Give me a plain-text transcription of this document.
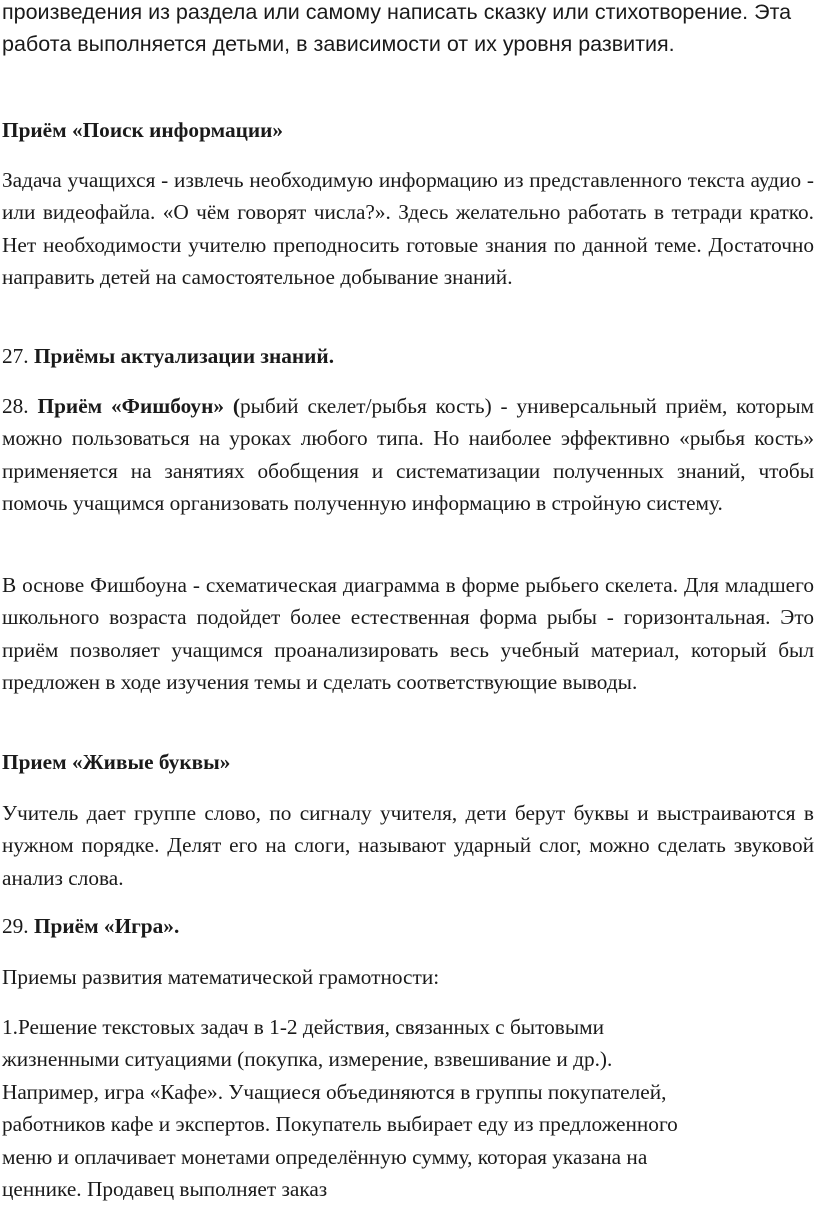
произведения из раздела или самому написать сказку или стихотворение. Эта работа выполняется детьми, в зависимости от их уровня развития.

Приём «Поиск информации»

Задача учащихся - извлечь необходимую информацию из представленного текста аудио - или видеофайла. «О чём говорят числа?». Здесь желательно работать в тетради кратко. Нет необходимости учителю преподносить готовые знания по данной теме. Достаточно направить детей на самостоятельное добывание знаний.

27. Приёмы актуализации знаний.

28. Приём «Фишбоун» (рыбий скелет/рыбья кость) - универсальный приём, которым можно пользоваться на уроках любого типа. Но наиболее эффективно «рыбья кость» применяется на занятиях обобщения и систематизации полученных знаний, чтобы помочь учащимся организовать полученную информацию в стройную систему.

В основе Фишбоуна - схематическая диаграмма в форме рыбьего скелета. Для младшего школьного возраста подойдет более естественная форма рыбы - горизонтальная. Это приём позволяет учащимся проанализировать весь учебный материал, который был предложен в ходе изучения темы и сделать соответствующие выводы.

Прием «Живые буквы»

Учитель дает группе слово, по сигналу учителя, дети берут буквы и выстраиваются в нужном порядке. Делят его на слоги, называют ударный слог, можно сделать звуковой анализ слова.

29. Приём «Игра».

Приемы развития математической грамотности:

1.Решение текстовых задач в 1-2 действия, связанных с бытовыми
жизненными ситуациями (покупка, измерение, взвешивание и др.).
Например, игра «Кафе». Учащиеся объединяются в группы покупателей,
работников кафе и экспертов. Покупатель выбирает еду из предложенного
меню и оплачивает монетами определённую сумму, которая указана на
ценнике. Продавец выполняет заказ
